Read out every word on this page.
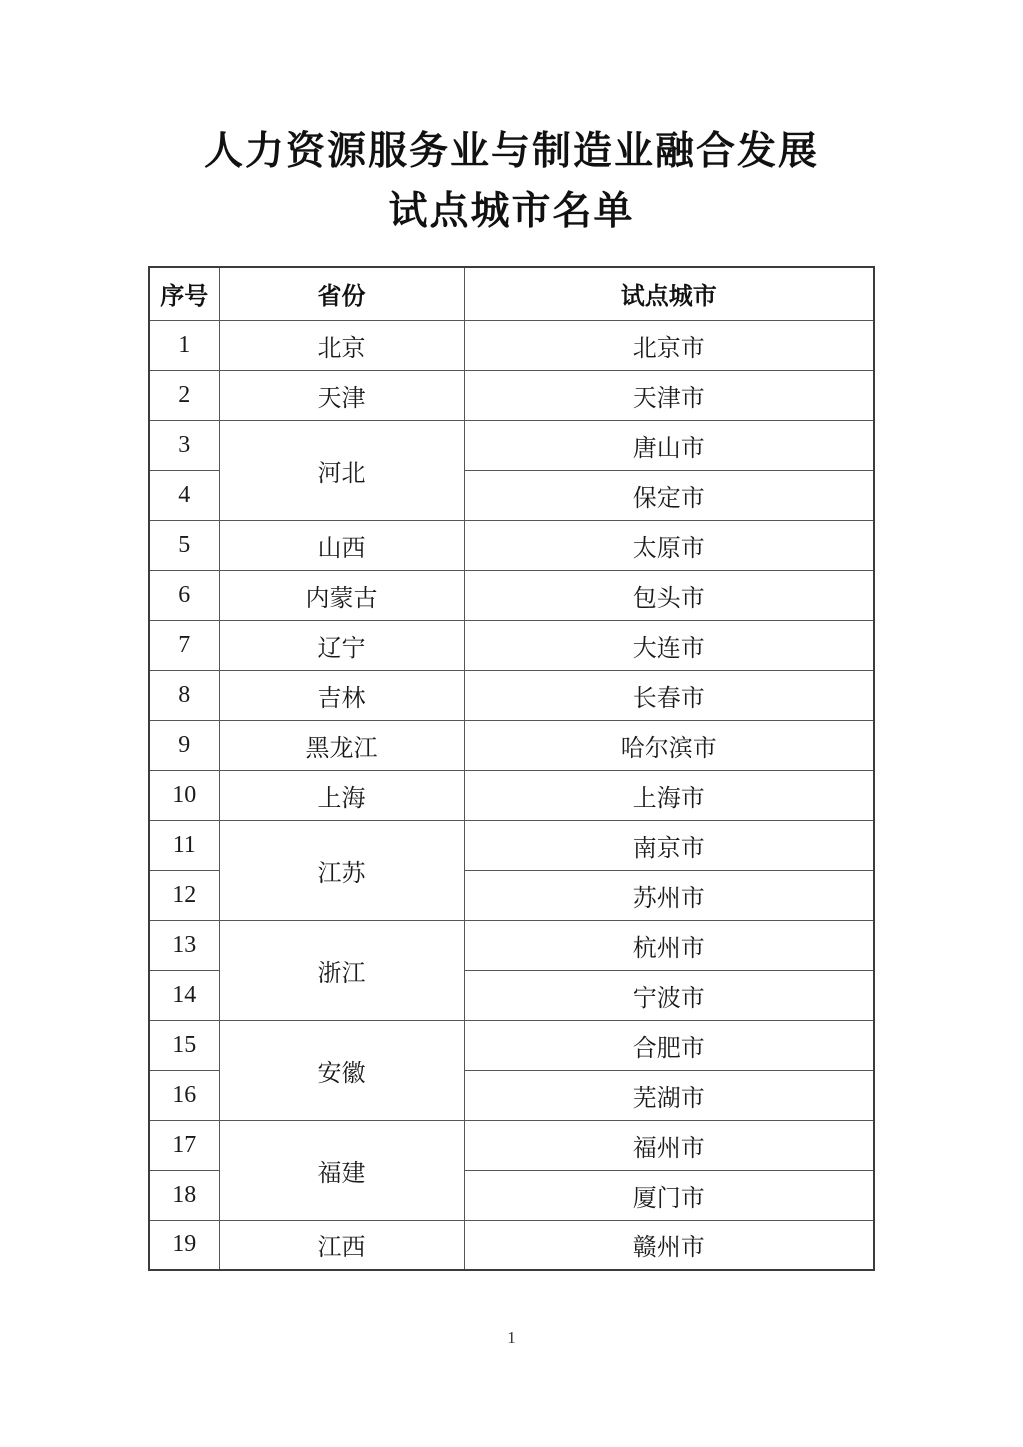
人力资源服务业与制造业融合发展
试点城市名单
序号	省份	试点城市
1	北京	北京市
2	天津	天津市
3	河北	唐山市
4		保定市
5	山西	太原市
6	内蒙古	包头市
7	辽宁	大连市
8	吉林	长春市
9	黑龙江	哈尔滨市
10	上海	上海市
11	江苏	南京市
12		苏州市
13	浙江	杭州市
14		宁波市
15	安徽	合肥市
16		芜湖市
17	福建	福州市
18		厦门市
19	江西	赣州市
1
